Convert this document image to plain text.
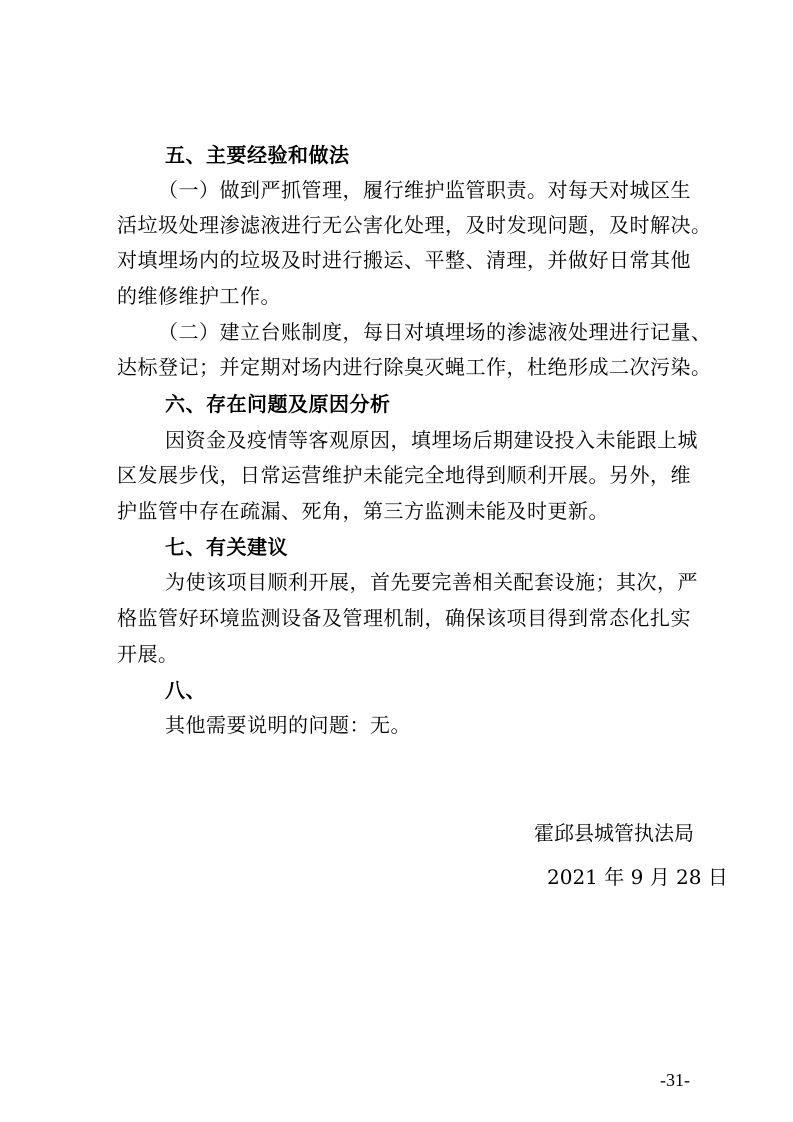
五、主要经验和做法
（一）做到严抓管理，履行维护监管职责。对每天对城区生
活垃圾处理渗滤液进行无公害化处理，及时发现问题，及时解决。
对填埋场内的垃圾及时进行搬运、平整、清理，并做好日常其他
的维修维护工作。
（二）建立台账制度，每日对填埋场的渗滤液处理进行记量、
达标登记；并定期对场内进行除臭灭蝇工作，杜绝形成二次污染。
六、存在问题及原因分析
因资金及疫情等客观原因，填埋场后期建设投入未能跟上城
区发展步伐，日常运营维护未能完全地得到顺利开展。另外，维
护监管中存在疏漏、死角，第三方监测未能及时更新。
七、有关建议
为使该项目顺利开展，首先要完善相关配套设施；其次，严
格监管好环境监测设备及管理机制，确保该项目得到常态化扎实
开展。
八、
其他需要说明的问题：无。
霍邱县城管执法局
2021 年 9 月 28 日
-31-
